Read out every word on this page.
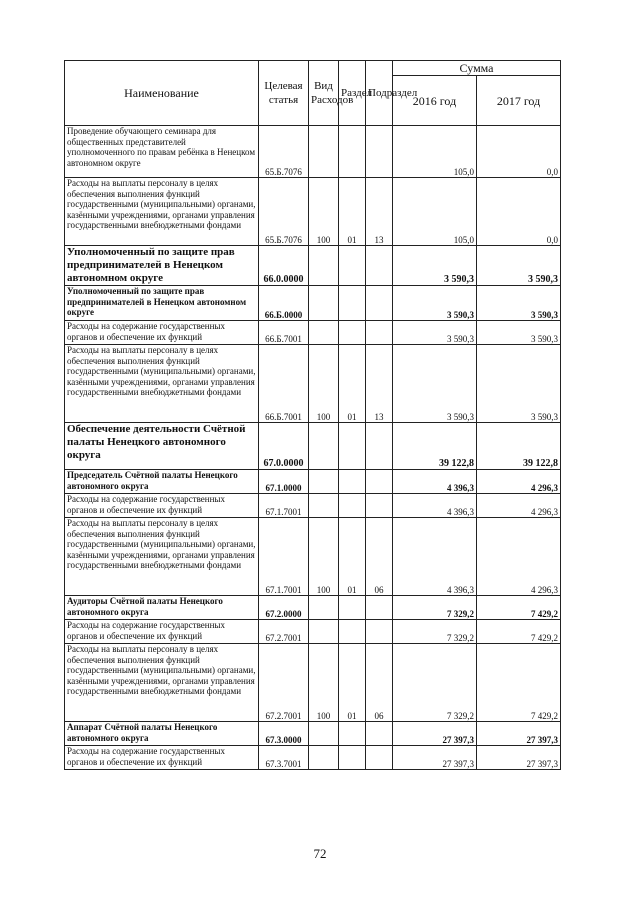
Наименование	Целевая статья	Вид Расходов	Раздел	Подраздел	Сумма	
					2016 год	2017 год
Проведение обучающего семинара для общественных представителей уполномоченного по правам ребёнка в Ненецком автономном округе	65.Б.7076				105,0	0,0
Расходы на выплаты персоналу в целях обеспечения выполнения функций государственными (муниципальными) органами, казёнными учреждениями, органами управления государственными внебюджетными фондами	65.Б.7076	100	01	13	105,0	0,0
Уполномоченный по защите прав предпринимателей в Ненецком автономном округе	66.0.0000				3 590,3	3 590,3
Уполномоченный по защите прав предпринимателей в Ненецком автономном округе	66.Б.0000				3 590,3	3 590,3
Расходы на содержание государственных органов и обеспечение их функций	66.Б.7001				3 590,3	3 590,3
Расходы на выплаты персоналу в целях обеспечения выполнения функций государственными (муниципальными) органами, казёнными учреждениями, органами управления государственными внебюджетными фондами	66.Б.7001	100	01	13	3 590,3	3 590,3
Обеспечение деятельности Счётной палаты Ненецкого автономного округа	67.0.0000				39 122,8	39 122,8
Председатель Счётной палаты Ненецкого автономного округа	67.1.0000				4 396,3	4 296,3
Расходы на содержание государственных органов и обеспечение их функций	67.1.7001				4 396,3	4 296,3
Расходы на выплаты персоналу в целях обеспечения выполнения функций государственными (муниципальными) органами, казёнными учреждениями, органами управления государственными внебюджетными фондами	67.1.7001	100	01	06	4 396,3	4 296,3
Аудиторы Счётной палаты Ненецкого автономного округа	67.2.0000				7 329,2	7 429,2
Расходы на содержание государственных органов и обеспечение их функций	67.2.7001				7 329,2	7 429,2
Расходы на выплаты персоналу в целях обеспечения выполнения функций государственными (муниципальными) органами, казёнными учреждениями, органами управления государственными внебюджетными фондами	67.2.7001	100	01	06	7 329,2	7 429,2
Аппарат Счётной палаты Ненецкого автономного округа	67.3.0000				27 397,3	27 397,3
Расходы на содержание государственных органов и обеспечение их функций	67.3.7001				27 397,3	27 397,3
72
